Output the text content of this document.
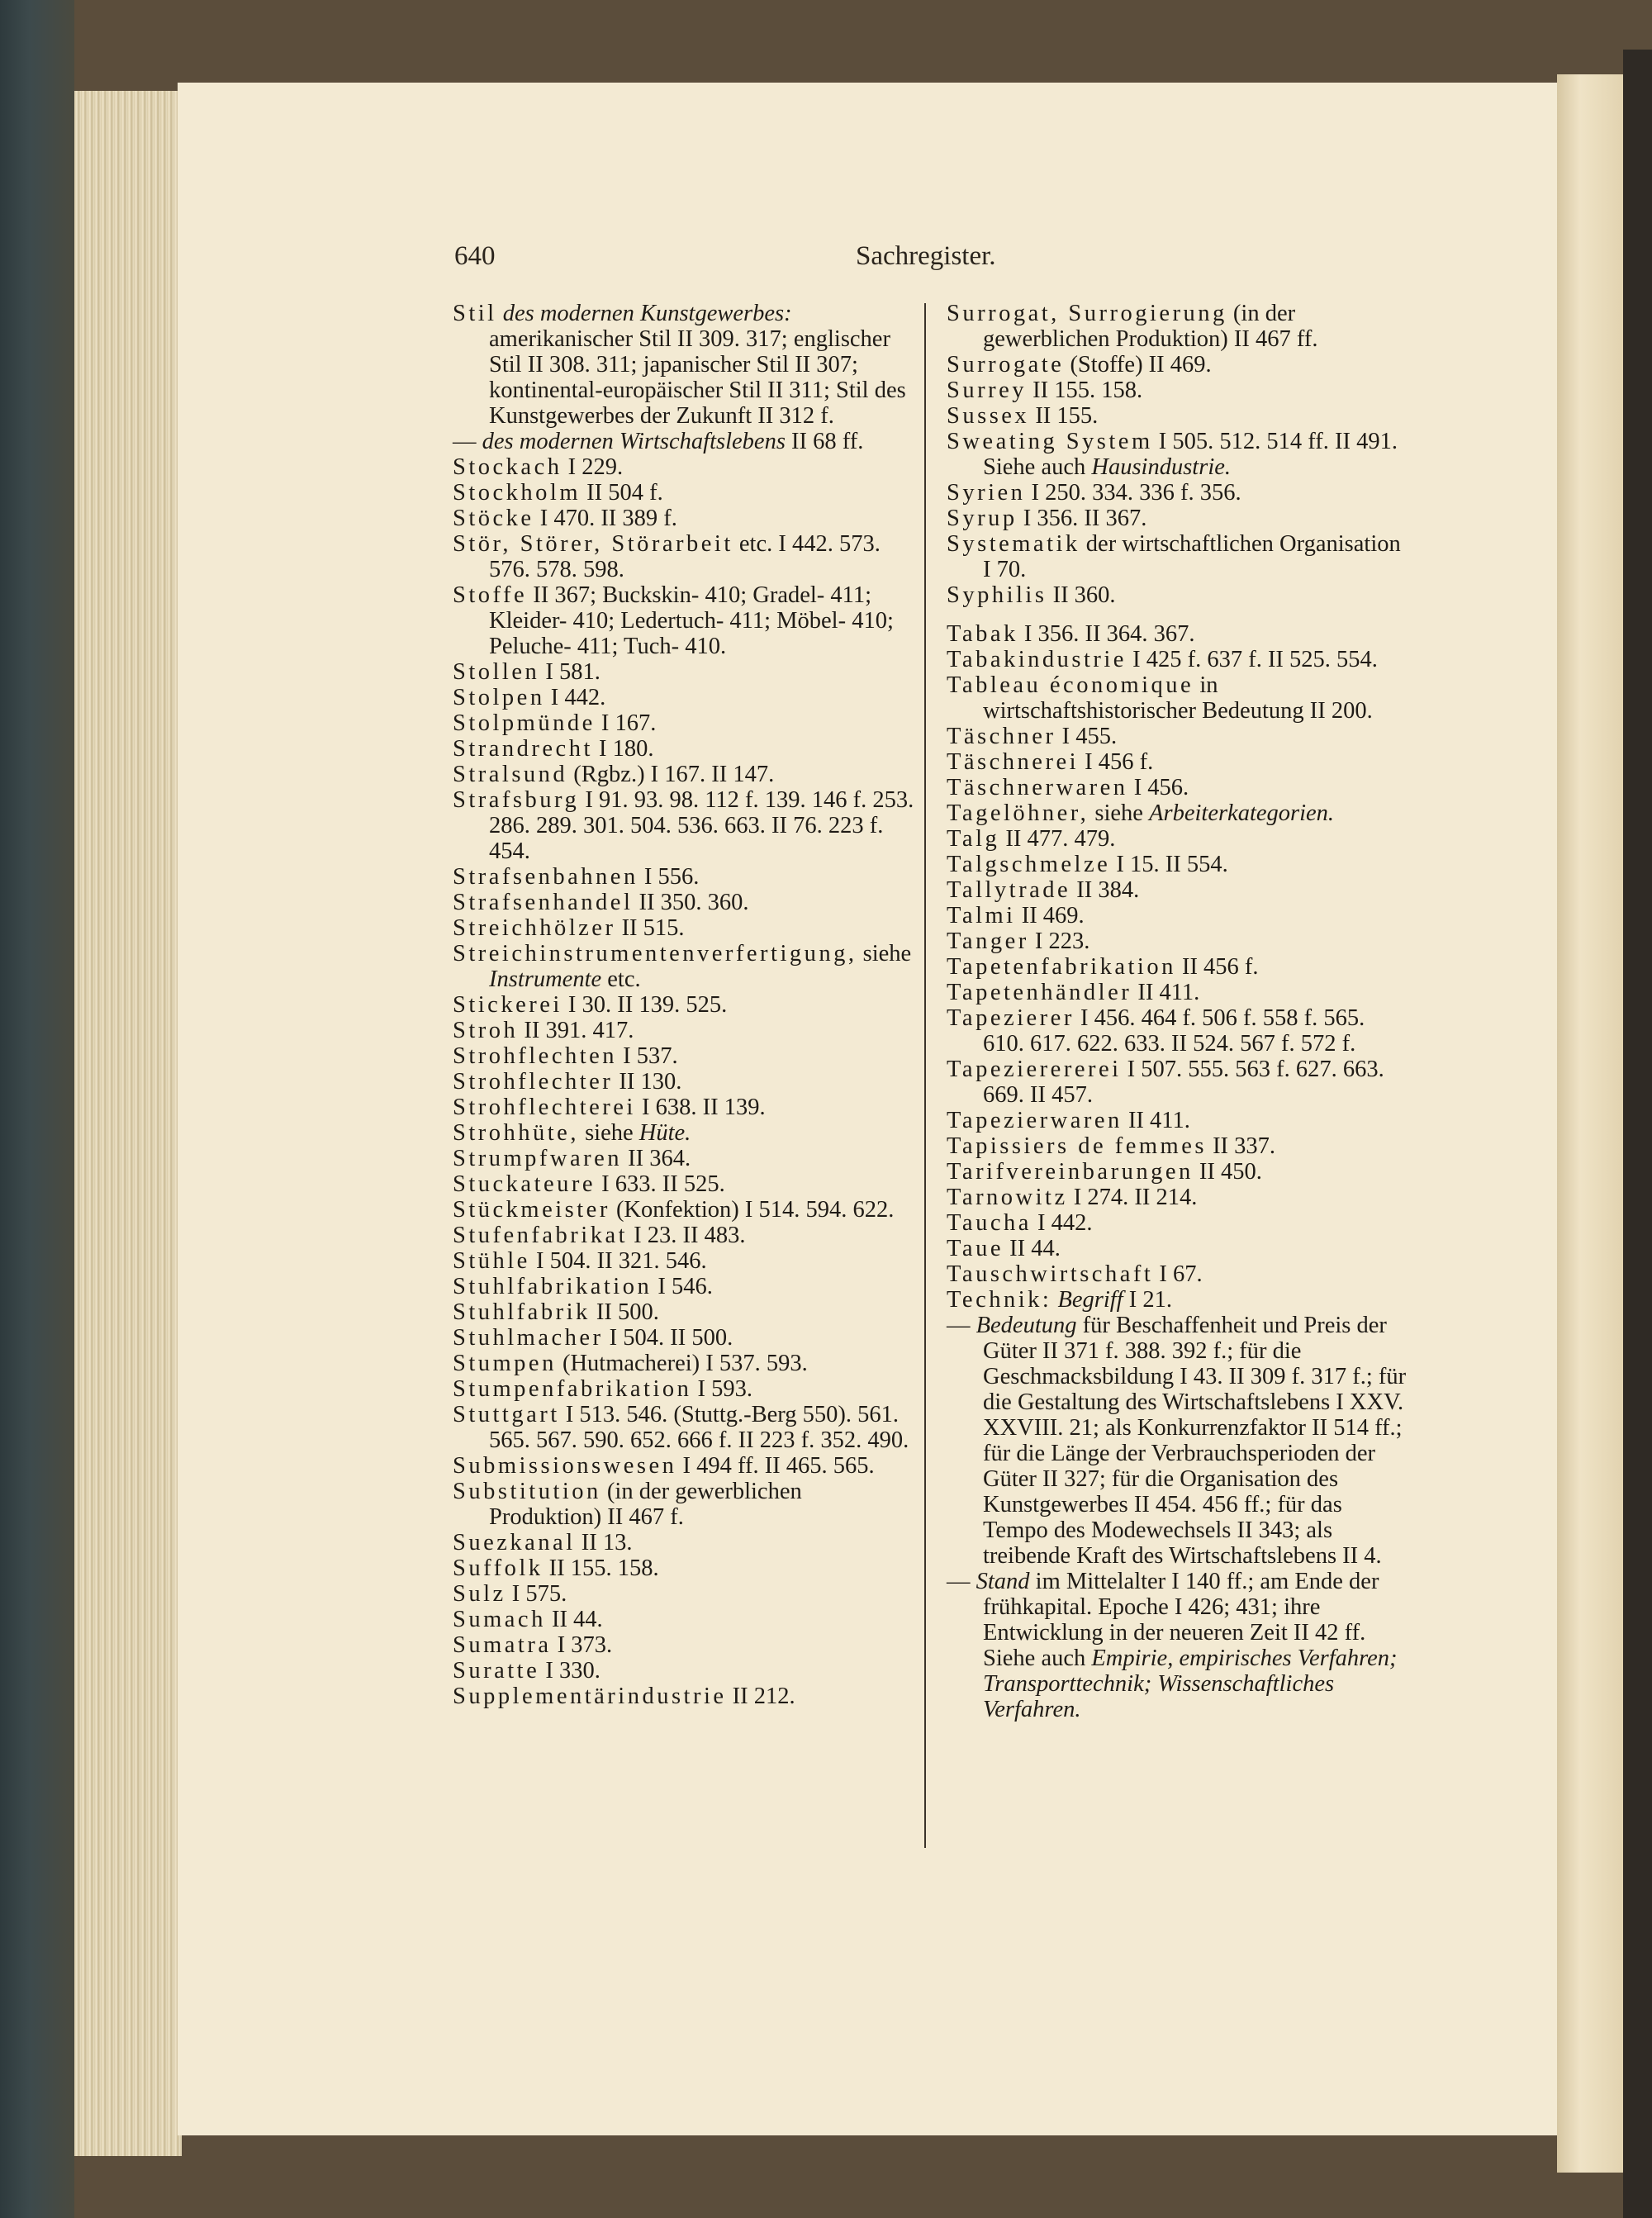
640	Sachregister.

Stil des modernen Kunstgewerbes: amerikanischer Stil II 309. 317; englischer Stil II 308. 311; japanischer Stil II 307; kontinental-europäischer Stil II 311; Stil des Kunstgewerbes der Zukunft II 312 f.

— des modernen Wirtschaftslebens II 68 ff.

Stockach I 229.

Stockholm II 504 f.

Stöcke I 470. II 389 f.

Stör, Störer, Störarbeit etc. I 442. 573. 576. 578. 598.

Stoffe II 367; Buckskin- 410; Gradel- 411; Kleider- 410; Ledertuch- 411; Möbel- 410; Peluche- 411; Tuch- 410.

Stollen I 581.

Stolpen I 442.

Stolpmünde I 167.

Strandrecht I 180.

Stralsund (Rgbz.) I 167. II 147.

Strafsburg I 91. 93. 98. 112 f. 139. 146 f. 253. 286. 289. 301. 504. 536. 663. II 76. 223 f. 454.

Strafsenbahnen I 556.

Strafsenhandel II 350. 360.

Streichhölzer II 515.

Streichinstrumentenverfertigung, siehe Instrumente etc.

Stickerei I 30. II 139. 525.

Stroh II 391. 417.

Strohflechten I 537.

Strohflechter II 130.

Strohflechterei I 638. II 139.

Strohhüte, siehe Hüte.

Strumpfwaren II 364.

Stuckateure I 633. II 525.

Stückmeister (Konfektion) I 514. 594. 622.

Stufenfabrikat I 23. II 483.

Stühle I 504. II 321. 546.

Stuhlfabrikation I 546.

Stuhlfabrik II 500.

Stuhlmacher I 504. II 500.

Stumpen (Hutmacherei) I 537. 593.

Stumpenfabrikation I 593.

Stuttgart I 513. 546. (Stuttg.-Berg 550). 561. 565. 567. 590. 652. 666 f. II 223 f. 352. 490.

Submissionswesen I 494 ff. II 465. 565.

Substitution (in der gewerblichen Produktion) II 467 f.

Suezkanal II 13.

Suffolk II 155. 158.

Sulz I 575.

Sumach II 44.

Sumatra I 373.

Suratte I 330.

Supplementärindustrie II 212.

Surrogat, Surrogierung (in der gewerblichen Produktion) II 467 ff.

Surrogate (Stoffe) II 469.

Surrey II 155. 158.

Sussex II 155.

Sweating System I 505. 512. 514 ff. II 491. Siehe auch Hausindustrie.

Syrien I 250. 334. 336 f. 356.

Syrup I 356. II 367.

Systematik der wirtschaftlichen Organisation I 70.

Syphilis II 360.

Tabak I 356. II 364. 367.

Tabakindustrie I 425 f. 637 f. II 525. 554.

Tableau économique in wirtschaftshistorischer Bedeutung II 200.

Täschner I 455.

Täschnerei I 456 f.

Täschnerwaren I 456.

Tagelöhner, siehe Arbeiterkategorien.

Talg II 477. 479.

Talgschmelze I 15. II 554.

Tallytrade II 384.

Talmi II 469.

Tanger I 223.

Tapetenfabrikation II 456 f.

Tapetenhändler II 411.

Tapezierer I 456. 464 f. 506 f. 558 f. 565. 610. 617. 622. 633. II 524. 567 f. 572 f.

Tapezierererei I 507. 555. 563 f. 627. 663. 669. II 457.

Tapezierwaren II 411.

Tapissiers de femmes II 337.

Tarifvereinbarungen II 450.

Tarnowitz I 274. II 214.

Taucha I 442.

Taue II 44.

Tauschwirtschaft I 67.

Technik: Begriff I 21.

— Bedeutung für Beschaffenheit und Preis der Güter II 371 f. 388. 392 f.; für die Geschmacksbildung I 43. II 309 f. 317 f.; für die Gestaltung des Wirtschaftslebens I XXV. XXVIII. 21; als Konkurrenzfaktor II 514 ff.; für die Länge der Verbrauchsperioden der Güter II 327; für die Organisation des Kunstgewerbes II 454. 456 ff.; für das Tempo des Modewechsels II 343; als treibende Kraft des Wirtschaftslebens II 4.

— Stand im Mittelalter I 140 ff.; am Ende der frühkapital. Epoche I 426; 431; ihre Entwicklung in der neueren Zeit II 42 ff.

Siehe auch Empirie, empirisches Verfahren; Transporttechnik; Wissenschaftliches Verfahren.
